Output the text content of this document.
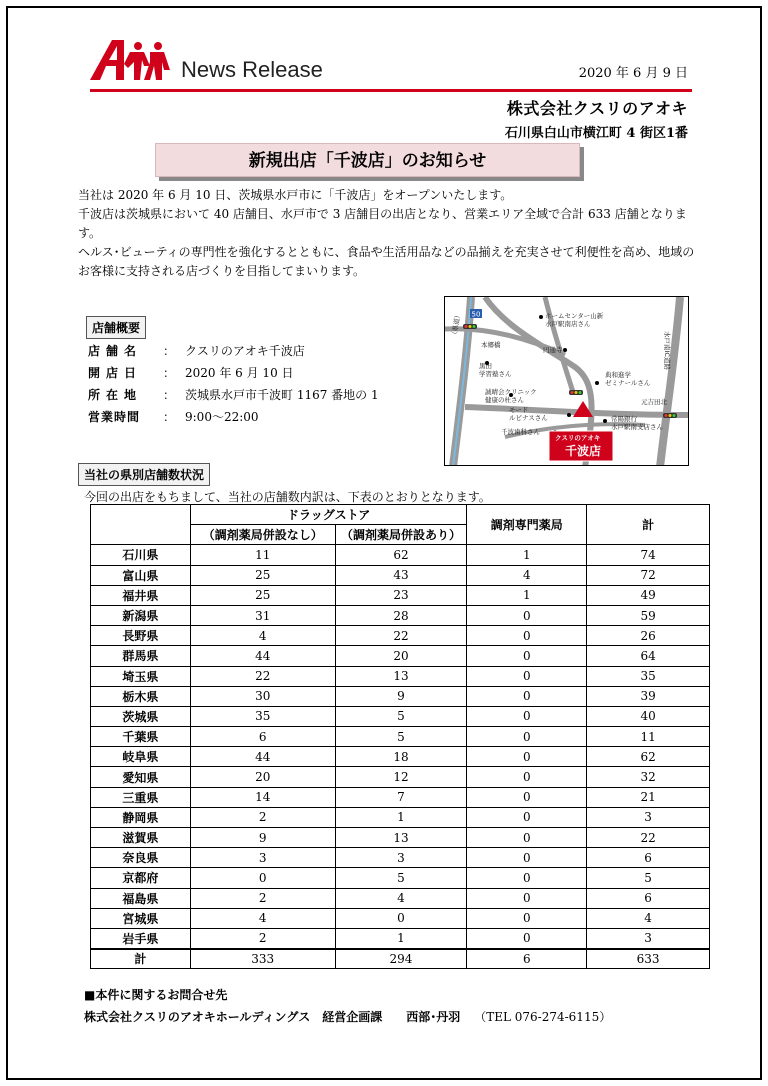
News Release	2020 年 6 月 9 日
株式会社クスリのアオキ
石川県白山市横江町 4 街区1番
新規出店「千波店」のお知らせ

当社は 2020 年 6 月 10 日、茨城県水戸市に「千波店」をオープンいたします。

千波店は茨城県において 40 店舗目、水戸市で 3 店舗目の出店となり、営業エリア全域で合計 633 店舗となります。

ヘルス･ビューティの専門性を強化するとともに、食品や生活用品などの品揃えを充実させて利便性を高め、地域のお客様に支持される店づくりを目指してまいります。

店舗概要
店舗名 ： クスリのアオキ千波店
開店日 ： 2020 年 6 月 10 日
所在地 ： 茨城県水戸市千波町 1167 番地の 1
営業時間 ： 9:00～22:00
50	ホームセンター山新
水戸駅南店さん
本郷橋
円通寺
黒田
学習塾さん	典和進学
ゼミナールさん
誠晴会クリニック
健康の杜さん
モード
ルビナスさん
元吉田北
常陽銀行
水戸駅南支店さん
千波歯科さん
（県道）
水戸南IC道路
クスリのアオキ
千波店
当社の県別店舗数状況
今回の出店をもちまして、当社の店舗数内訳は、下表のとおりとなります。
	ドラッグストア		調剤専門薬局	計
	（調剤薬局併設なし）	（調剤薬局併設あり）		
石川県	11	62	1	74
富山県	25	43	4	72
福井県	25	23	1	49
新潟県	31	28	0	59
長野県	4	22	0	26
群馬県	44	20	0	64
埼玉県	22	13	0	35
栃木県	30	9	0	39
茨城県	35	5	0	40
千葉県	6	5	0	11
岐阜県	44	18	0	62
愛知県	20	12	0	32
三重県	14	7	0	21
静岡県	2	1	0	3
滋賀県	9	13	0	22
奈良県	3	3	0	6
京都府	0	5	0	5
福島県	2	4	0	6
宮城県	4	0	0	4
岩手県	2	1	0	3
計	333	294	6	633
■本件に関するお問合せ先
株式会社クスリのアオキホールディングス　経営企画課　　西部･丹羽 （TEL 076-274-6115）
